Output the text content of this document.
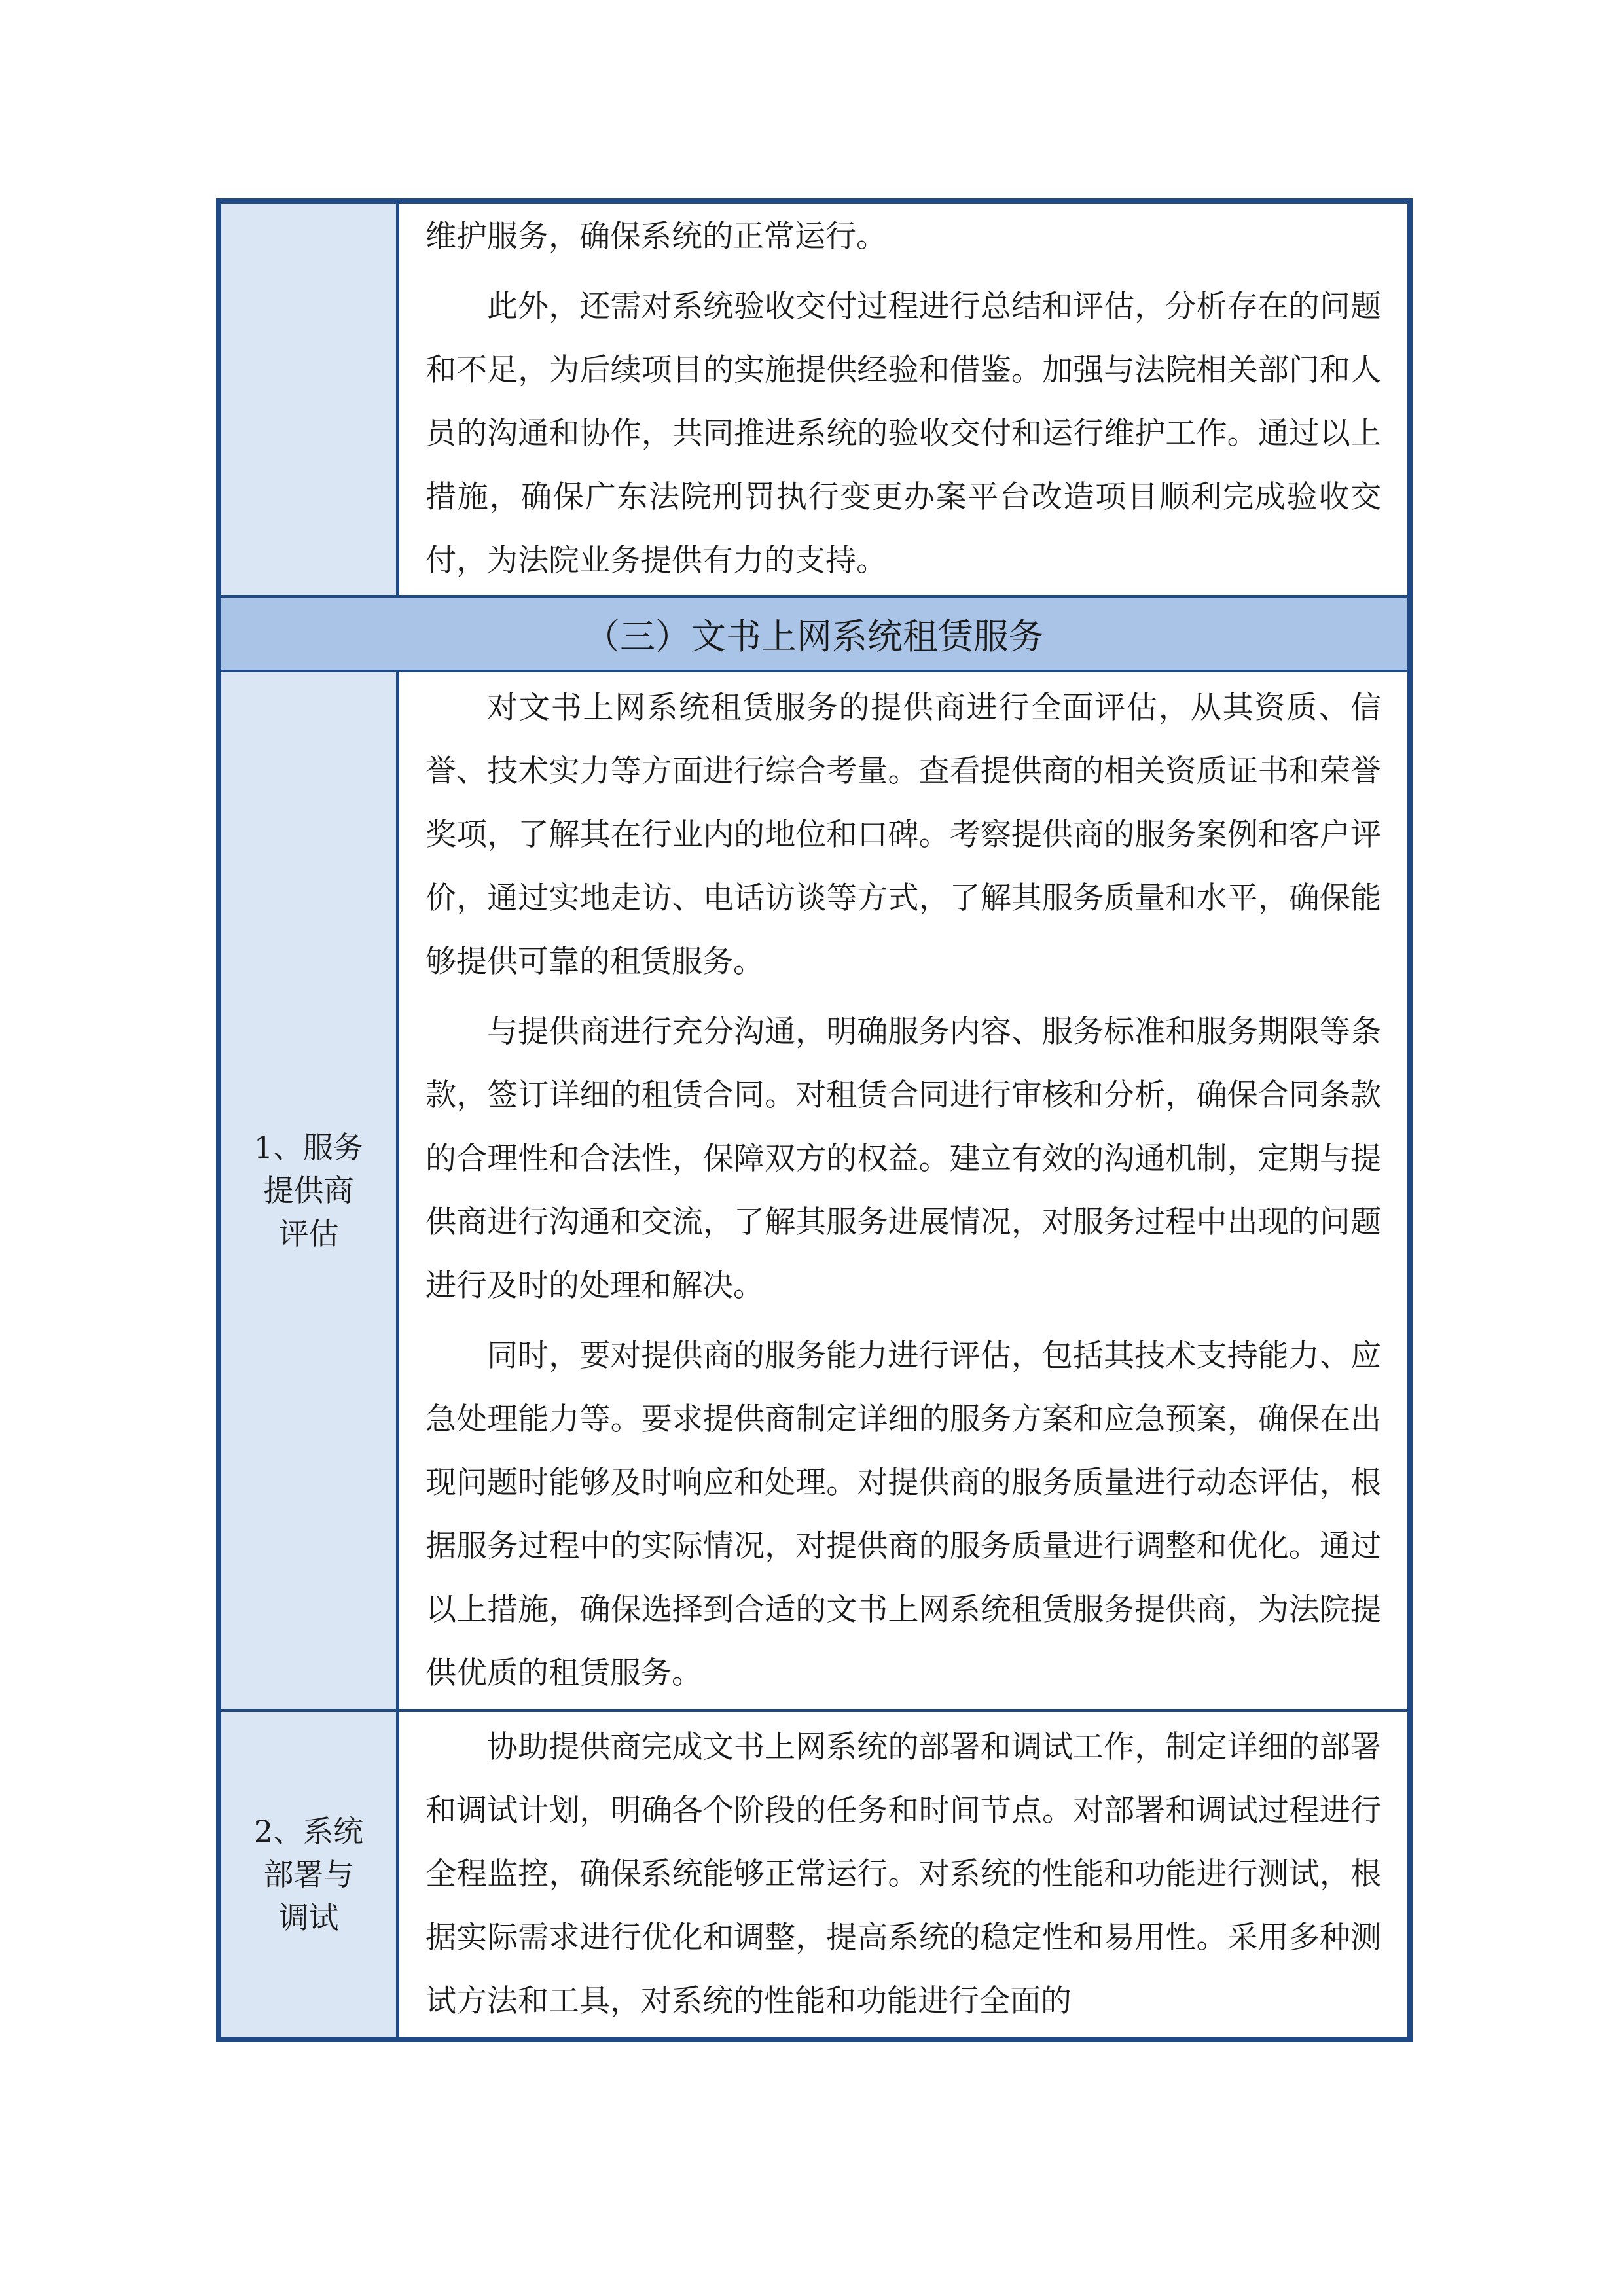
维护服务，确保系统的正常运行。

此外，还需对系统验收交付过程进行总结和评估，分析存在的问题和不足，为后续项目的实施提供经验和借鉴。加强与法院相关部门和人员的沟通和协作，共同推进系统的验收交付和运行维护工作。通过以上措施，确保广东法院刑罚执行变更办案平台改造项目顺利完成验收交付，为法院业务提供有力的支持。

（三）文书上网系统租赁服务
1、服务提供商评估

对文书上网系统租赁服务的提供商进行全面评估，从其资质、信誉、技术实力等方面进行综合考量。查看提供商的相关资质证书和荣誉奖项，了解其在行业内的地位和口碑。考察提供商的服务案例和客户评价，通过实地走访、电话访谈等方式，了解其服务质量和水平，确保能够提供可靠的租赁服务。

与提供商进行充分沟通，明确服务内容、服务标准和服务期限等条款，签订详细的租赁合同。对租赁合同进行审核和分析，确保合同条款的合理性和合法性，保障双方的权益。建立有效的沟通机制，定期与提供商进行沟通和交流，了解其服务进展情况，对服务过程中出现的问题进行及时的处理和解决。

同时，要对提供商的服务能力进行评估，包括其技术支持能力、应急处理能力等。要求提供商制定详细的服务方案和应急预案，确保在出现问题时能够及时响应和处理。对提供商的服务质量进行动态评估，根据服务过程中的实际情况，对提供商的服务质量进行调整和优化。通过以上措施，确保选择到合适的文书上网系统租赁服务提供商，为法院提供优质的租赁服务。

2、系统部署与调试

协助提供商完成文书上网系统的部署和调试工作，制定详细的部署和调试计划，明确各个阶段的任务和时间节点。对部署和调试过程进行全程监控，确保系统能够正常运行。对系统的性能和功能进行测试，根据实际需求进行优化和调整，提高系统的稳定性和易用性。采用多种测试方法和工具，对系统的性能和功能进行全面的
